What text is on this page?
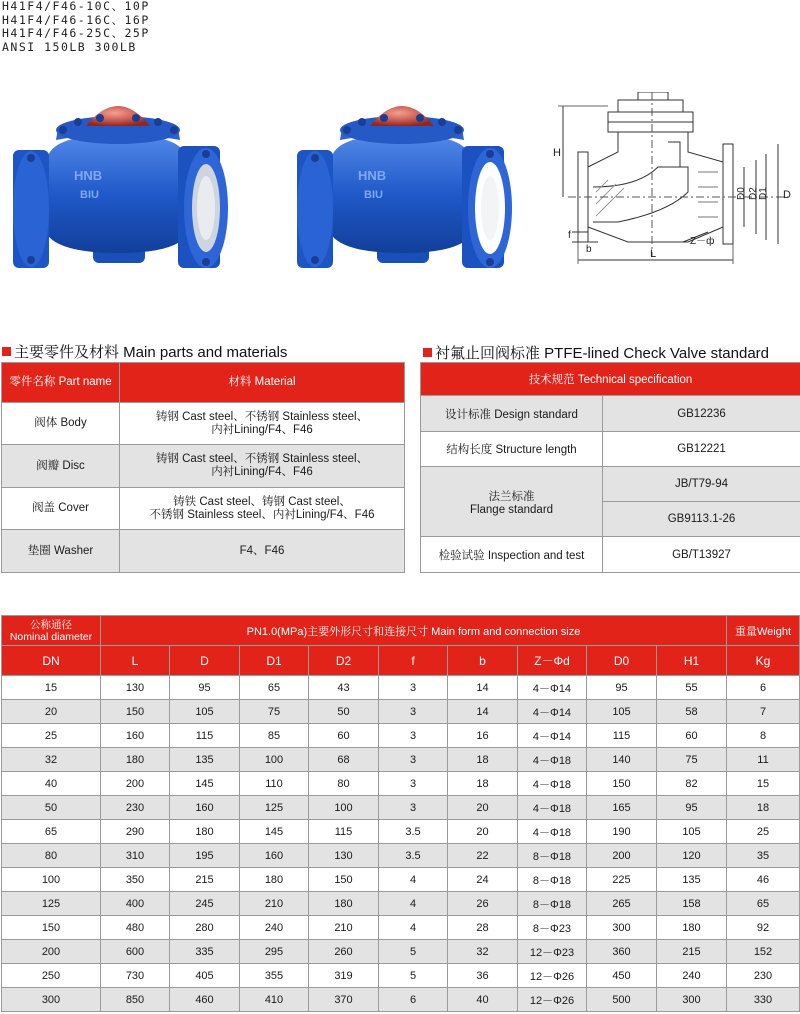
H41F4/F46-10C、10P
H41F4/F46-16C、16P
H41F4/F46-25C、25P
ANSI 150LB 300LB
HNB
BIU
HNB
BIU
H
D0 D2 D1 D
f
b
Z－ф
L
主要零件及材料 Main parts and materials	衬氟止回阀标准 PTFE-lined Check Valve standard
零件名称 Part name	材料 Material
阀体 Body	铸钢 Cast steel、不锈钢 Stainless steel、
内衬Lining/F4、F46

阀瓣 Disc	铸钢 Cast steel、不锈钢 Stainless steel、
内衬Lining/F4、F46

阀盖 Cover	铸铁 Cast steel、铸钢 Cast steel、
不锈钢 Stainless steel、内衬Lining/F4、F46

垫圈 Washer	F4、F46
技术规范 Technical specification	
设计标准 Design standard	GB12236
结构长度 Structure length	GB12221

法兰标准
Flange standard	JB/T79-94
	GB9113.1-26
检验试验 Inspection and test	GB/T13927
公称通径
Nominal diameter	PN1.0(MPa)主要外形尺寸和连接尺寸 Main form and connection size									重量Weight
DN	L	D	D1	D2	f	b	Z－Φd	D0	H1	Kg
15	130	95	65	43	3	14	4－Φ14	95	55	6
20	150	105	75	50	3	14	4－Φ14	105	58	7
25	160	115	85	60	3	16	4－Φ14	115	60	8
32	180	135	100	68	3	18	4－Φ18	140	75	11
40	200	145	110	80	3	18	4－Φ18	150	82	15
50	230	160	125	100	3	20	4－Φ18	165	95	18
65	290	180	145	115	3.5	20	4－Φ18	190	105	25
80	310	195	160	130	3.5	22	8－Φ18	200	120	35
100	350	215	180	150	4	24	8－Φ18	225	135	46
125	400	245	210	180	4	26	8－Φ18	265	158	65
150	480	280	240	210	4	28	8－Φ23	300	180	92
200	600	335	295	260	5	32	12－Φ23	360	215	152
250	730	405	355	319	5	36	12－Φ26	450	240	230
300	850	460	410	370	6	40	12－Φ26	500	300	330
